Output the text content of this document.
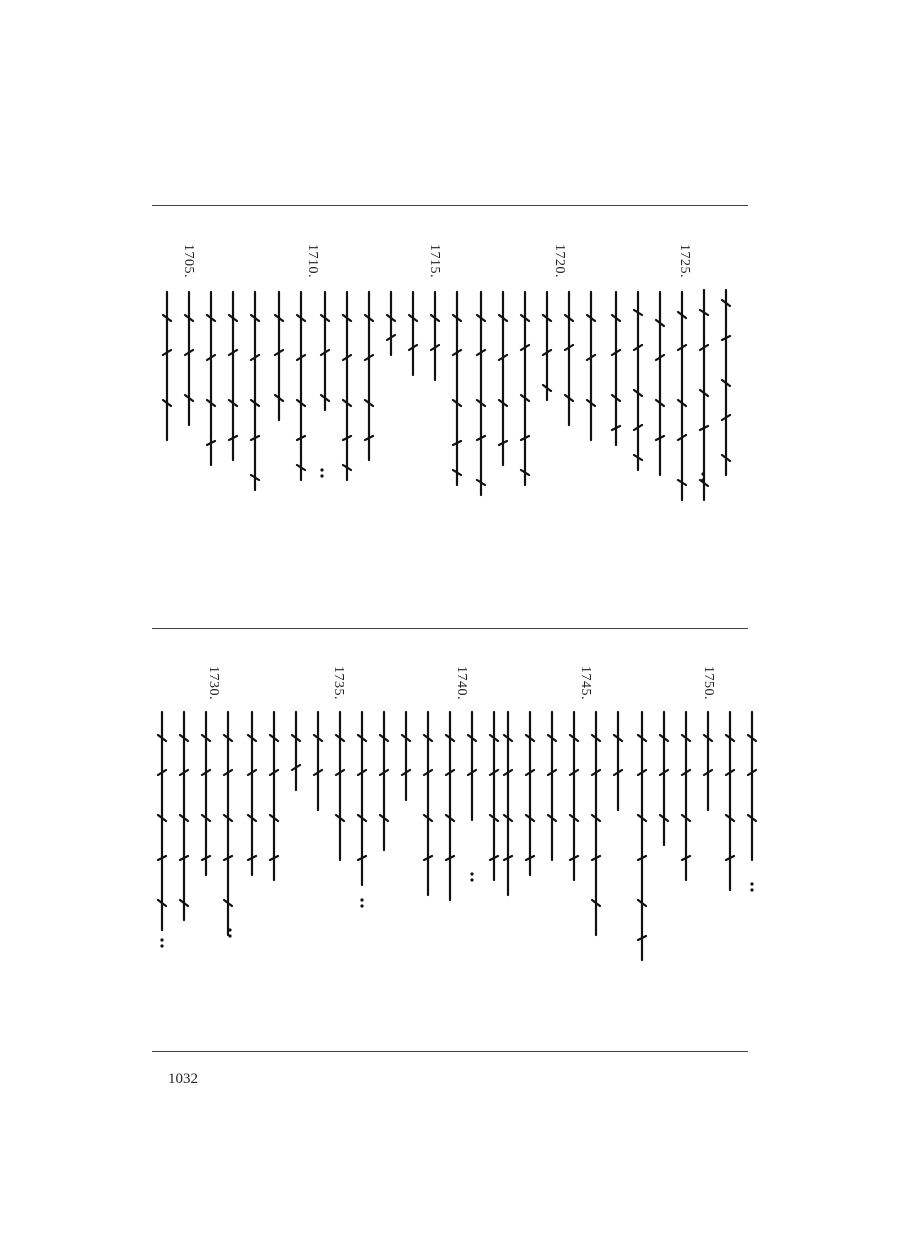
1725.
1720.
1715.
1710.
1705.
1750.
1745.
1740.
1735.
1730.
1032
